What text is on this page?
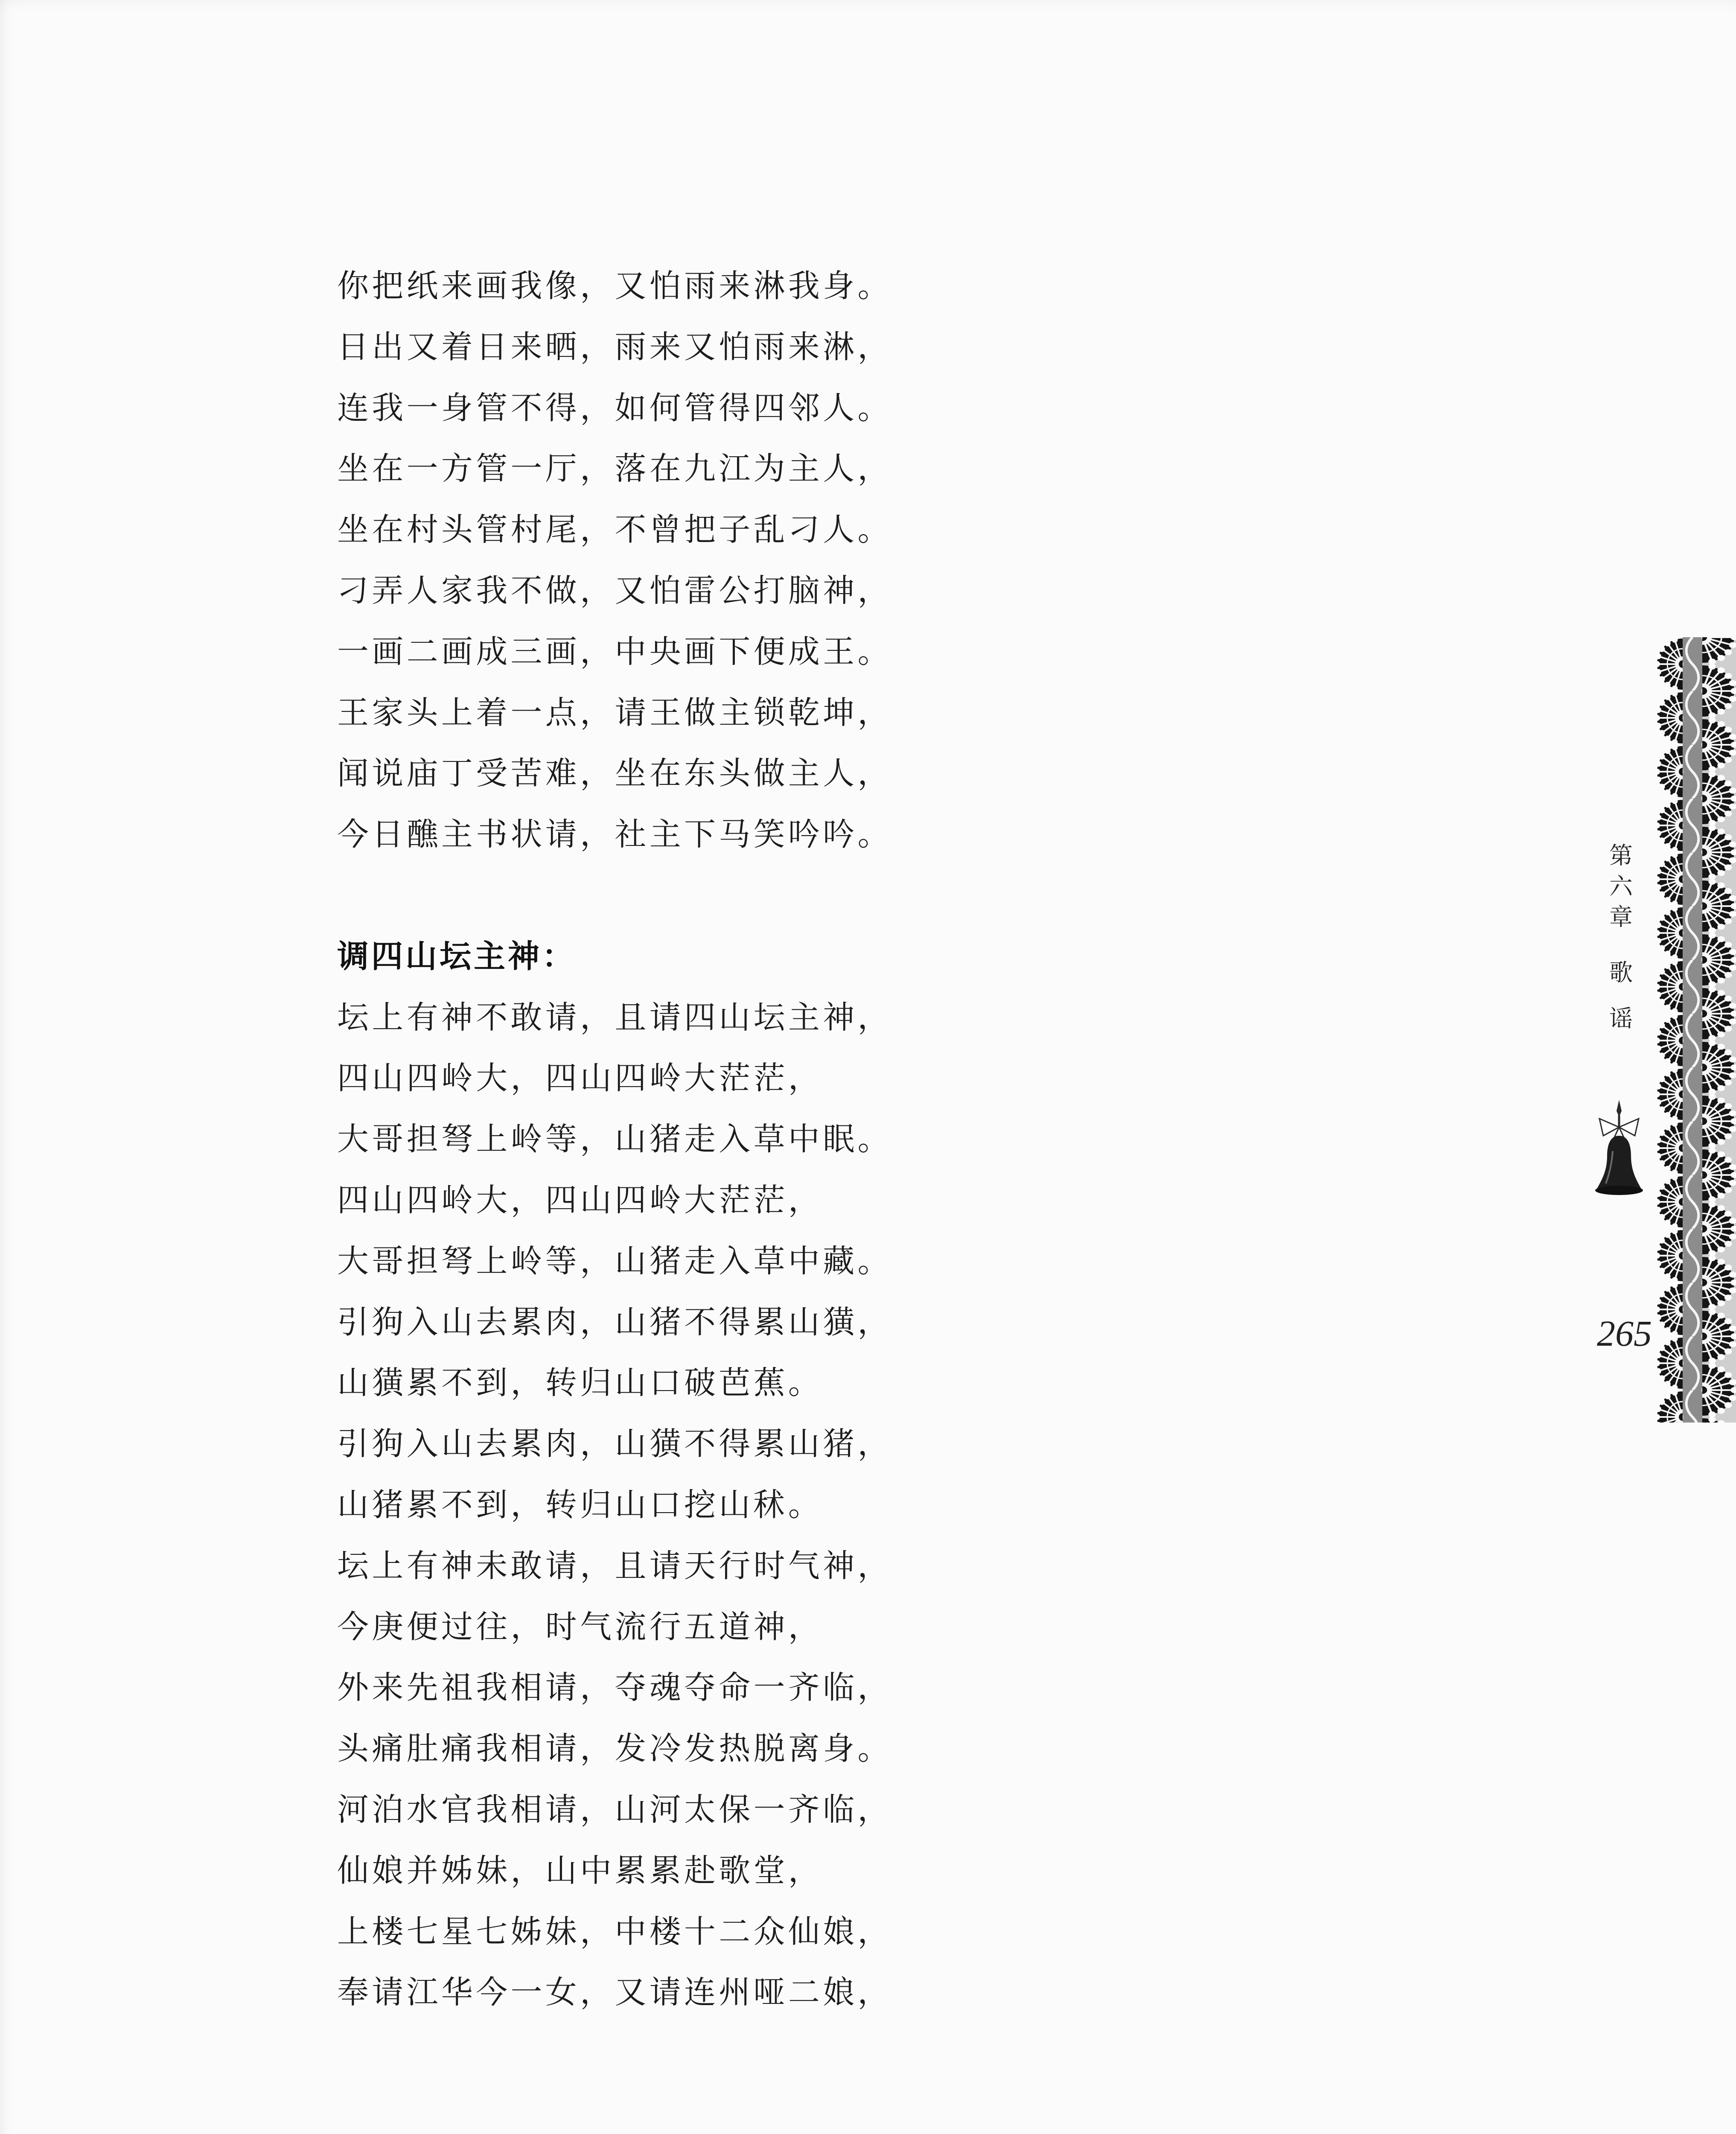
你把纸来画我像，又怕雨来淋我身。
日出又着日来晒，雨来又怕雨来淋，
连我一身管不得，如何管得四邻人。
坐在一方管一厅，落在九江为主人，
坐在村头管村尾，不曾把子乱刁人。
刁弄人家我不做，又怕雷公打脑神，
一画二画成三画，中央画下便成王。
王家头上着一点，请王做主锁乾坤，
闻说庙丁受苦难，坐在东头做主人，
今日醮主书状请，社主下马笑吟吟。
调四山坛主神：
坛上有神不敢请，且请四山坛主神，
四山四岭大，四山四岭大茫茫，
大哥担弩上岭等，山猪走入草中眠。
四山四岭大，四山四岭大茫茫，
大哥担弩上岭等，山猪走入草中藏。
引狗入山去累肉，山猪不得累山獚，
山獚累不到，转归山口破芭蕉。
引狗入山去累肉，山獚不得累山猪，
山猪累不到，转归山口挖山秫。
坛上有神未敢请，且请天行时气神，
今庚便过往，时气流行五道神，
外来先祖我相请，夺魂夺命一齐临，
头痛肚痛我相请，发冷发热脱离身。
河泊水官我相请，山河太保一齐临，
仙娘并姊妹，山中累累赴歌堂，
上楼七星七姊妹，中楼十二众仙娘，
奉请江华今一女，又请连州哑二娘，
第六章
歌谣
265
